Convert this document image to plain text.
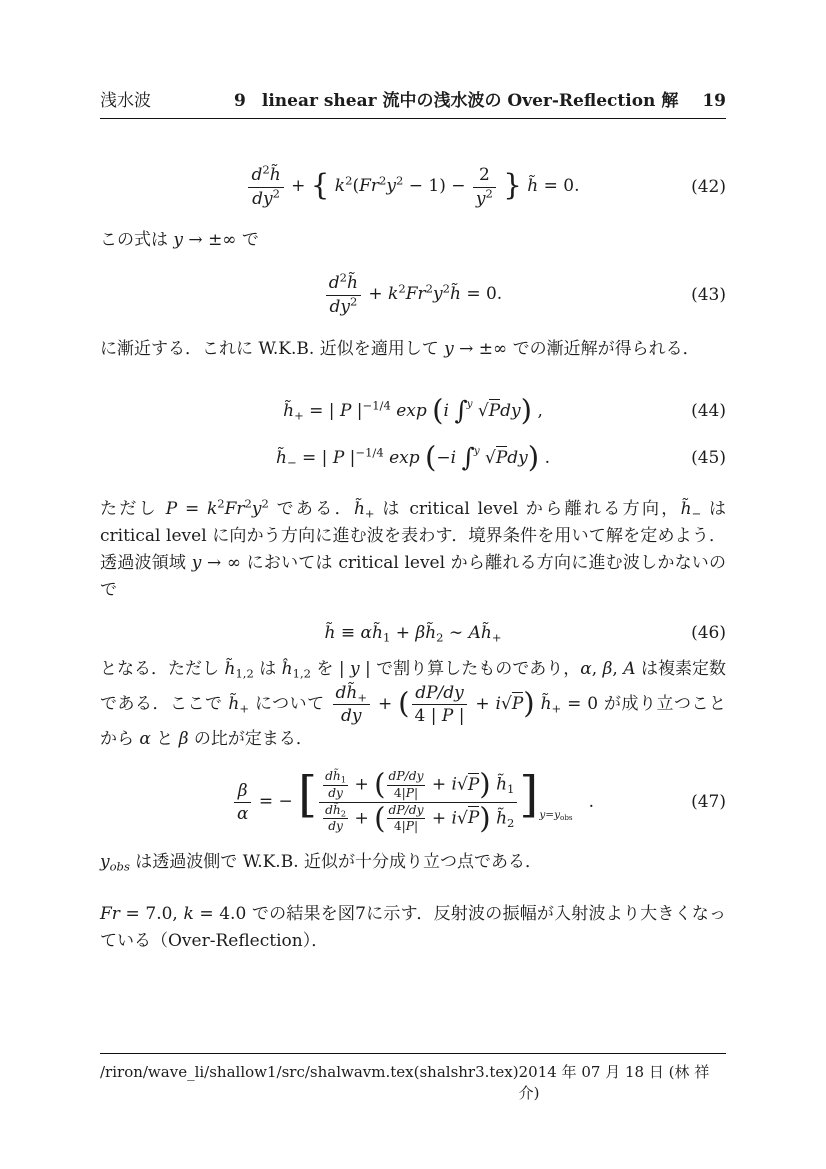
浅水波	9 linear shear 流中の浅水波の Over-Reflection 解 19
$\frac{d^2h̃}{dy^2}$ + { $k^2(Fr^2y^2 - 1) - \frac{2}{y^2}$ } h̃ = 0.	(42)

この式は y → ±∞ で

$\frac{d^2h̃}{dy^2}$ + $k^2Fr^2y^2h̃ = 0$.	(43)

に漸近する．これに W.K.B. 近似を適用して y → ±∞ での漸近解が得られる．

$h̃_+$ = | P $|^{-1/4}$ exp (i ∫$^y$ √Pdy) ,	(44)
$h̃_-$ = | P $|^{-1/4}$ exp (−i ∫$^y$ √Pdy) .	(45)

ただし $P = k^2Fr^2y^2$ である．$h̃_+$ は critical level から離れる方向，$h̃_-$ は critical level に向かう方向に進む波を表わす．境界条件を用いて解を定めよう．透過波領域 y → ∞ においては critical level から離れる方向に進む波しかないので

h̃ ≡ $\alpha h̃_1$ + $\beta h̃_2$ ∼ $Ah̃_+$	(46)

となる．ただし $h̃_{1,2}$ は $ĥ_{1,2}$ を | y | で割り算したものであり，α, β, A は複素定数である．ここで $h̃_+$ について $\frac{dh̃_+}{dy}$ + ( $\frac{dP/dy}{4 | P |} + i√P$) $h̃_+ = 0$ が成り立つことから α と β の比が定まる．

$\frac{\beta}{\alpha}$ = − [ $\frac{\frac{dh̃_1}{dy} + ( \frac{dP/dy}{4|P|} + i√P) h̃_1}{\frac{dh̃_2}{dy} + ( \frac{dP/dy}{4|P|} + i√P) h̃_2} ]_{y=y_{obs}}$.	(47)

$y_{obs}$ は透過波側で W.K.B. 近似が十分成り立つ点である．

Fr = 7.0, k = 4.0 での結果を図7に示す．反射波の振幅が入射波より大きくなっている（Over-Reflection）．

/riron/wave_li/shallow1/src/shalwavm.tex(shalshr3.tex) 2014 年 07 月 18 日 (林 祥介)
